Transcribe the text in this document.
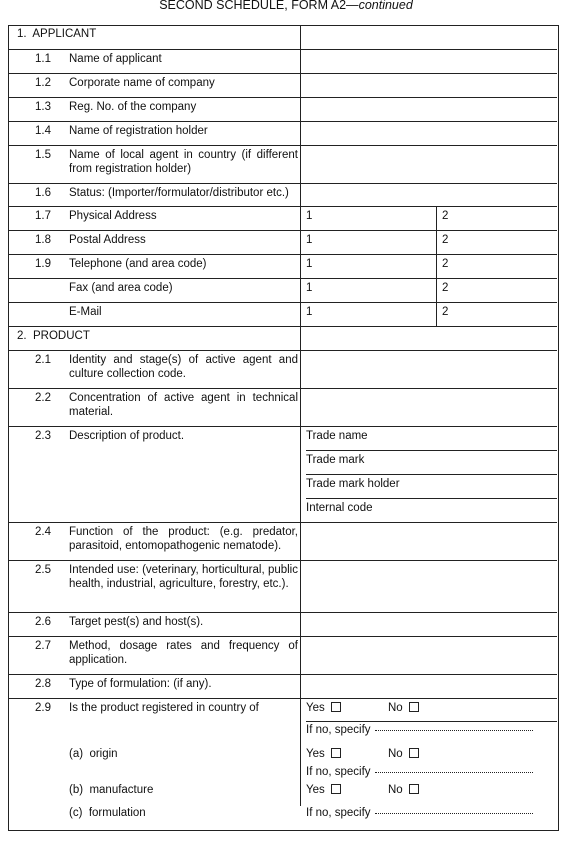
SECOND SCHEDULE, FORM A2—continued
1. APPLICANT
1.1 Name of applicant
1.2 Corporate name of company
1.3 Reg. No. of the company
1.4 Name of registration holder
1.5 Name of local agent in country (if different from registration holder)
1.6 Status: (Importer/formulator/distributor etc.)
1.7 Physical Address	1	2
1.8 Postal Address	1	2
1.9 Telephone (and area code)	1	2
Fax (and area code)	1	2
E-Mail	1	2
2. PRODUCT
2.1 Identity and stage(s) of active agent and culture collection code.
2.2 Concentration of active agent in technical material.
2.3 Description of product.	Trade name
Trade mark
Trade mark holder
Internal code
2.4 Function of the product: (e.g. predator, parasitoid, entomopathogenic nematode).
2.5 Intended use: (veterinary, horticultural, public health, industrial, agriculture, forestry, etc.).
2.6 Target pest(s) and host(s).
2.7 Method, dosage rates and frequency of application.
2.8 Type of formulation: (if any).
2.9 Is the product registered in country of	Yes	No
If no, specify
(a) origin	Yes	No
If no, specify
(b) manufacture	Yes	No
(c) formulation	If no, specify
